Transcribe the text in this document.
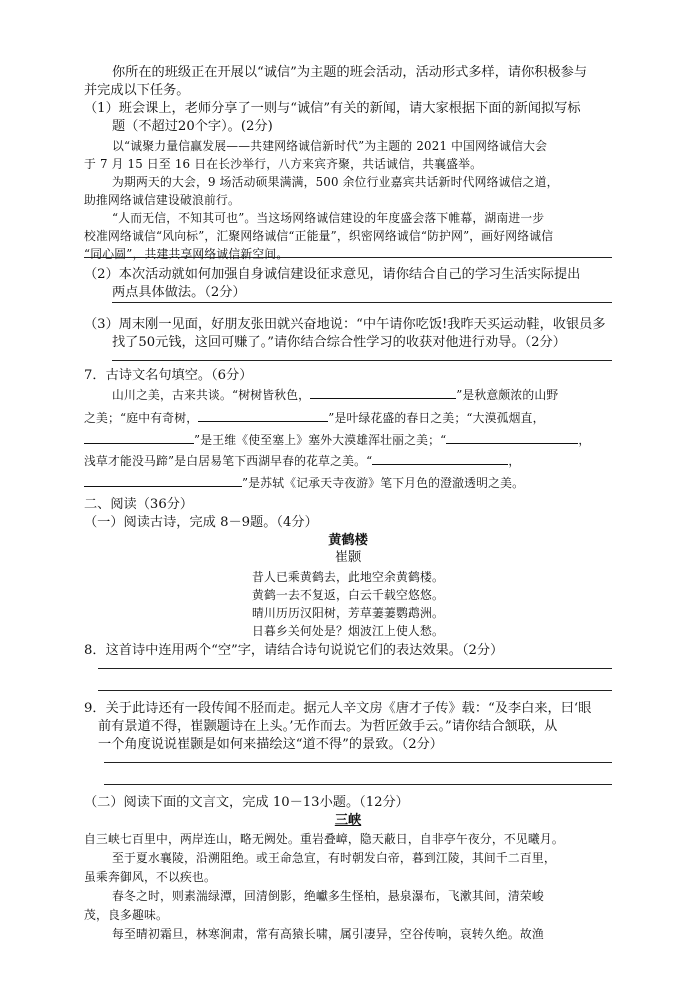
你所在的班级正在开展以“诚信”为主题的班会活动，活动形式多样，请你积极参与
并完成以下任务。
（1）班会课上，老师分享了一则与“诚信”有关的新闻，请大家根据下面的新闻拟写标
题（不超过20个字）。(2分)
以“诚聚力量信赢发展——共建网络诚信新时代”为主题的 2021 中国网络诚信大会
于 7 月 15 日至 16 日在长沙举行，八方来宾齐聚，共话诚信，共襄盛举。
为期两天的大会，9 场活动硕果满满，500 余位行业嘉宾共话新时代网络诚信之道，
助推网络诚信建设破浪前行。
“人而无信，不知其可也”。当这场网络诚信建设的年度盛会落下帷幕，湖南进一步
校准网络诚信“风向标”，汇聚网络诚信“正能量”，织密网络诚信“防护网”，画好网络诚信
“同心圆”，共建共享网络诚信新空间。
（2）本次活动就如何加强自身诚信建设征求意见，请你结合自己的学习生活实际提出
两点具体做法。（2分）
（3）周末刚一见面，好朋友张田就兴奋地说：“中午请你吃饭!我昨天买运动鞋，收银员多
找了50元钱，这回可赚了。”请你结合综合性学习的收获对他进行劝导。（2分）
7．古诗文名句填空。（6分）
山川之美，古来共谈。“树树皆秋色，	”是秋意颇浓的山野
之美；“庭中有奇树，	”是叶绿花盛的春日之美；“大漠孤烟直，
”是王维《使至塞上》塞外大漠雄浑壮丽之美；“	，
浅草才能没马蹄”是白居易笔下西湖早春的花草之美。“	，
”是苏轼《记承天寺夜游》笔下月色的澄澈透明之美。
二、阅读（36分）
（一）阅读古诗，完成 8－9题。（4分）
黄鹤楼
崔颢
昔人已乘黄鹤去，此地空余黄鹤楼。
黄鹤一去不复返，白云千载空悠悠。
晴川历历汉阳树，芳草萋萋鹦鹉洲。
日暮乡关何处是？烟波江上使人愁。
8．这首诗中连用两个“空”字，请结合诗句说说它们的表达效果。（2分）
9．关于此诗还有一段传闻不胫而走。据元人辛文房《唐才子传》载：“及李白来，曰‘眼
前有景道不得，崔颢题诗在上头。’无作而去。为哲匠敛手云。”请你结合颔联，从
一个角度说说崔颢是如何来描绘这“道不得”的景致。（2分）
（二）阅读下面的文言文，完成 10－13小题。（12分）
三峡
自三峡七百里中，两岸连山，略无阙处。重岩叠嶂，隐天蔽日，自非亭午夜分，不见曦月。
至于夏水襄陵，沿溯阻绝。或王命急宣，有时朝发白帝，暮到江陵，其间千二百里，
虽乘奔御风，不以疾也。
春冬之时，则素湍绿潭，回清倒影，绝巘多生怪柏，悬泉瀑布，飞漱其间，清荣峻
茂，良多趣味。
每至晴初霜旦，林寒涧肃，常有高猿长啸，属引凄异，空谷传响，哀转久绝。故渔
